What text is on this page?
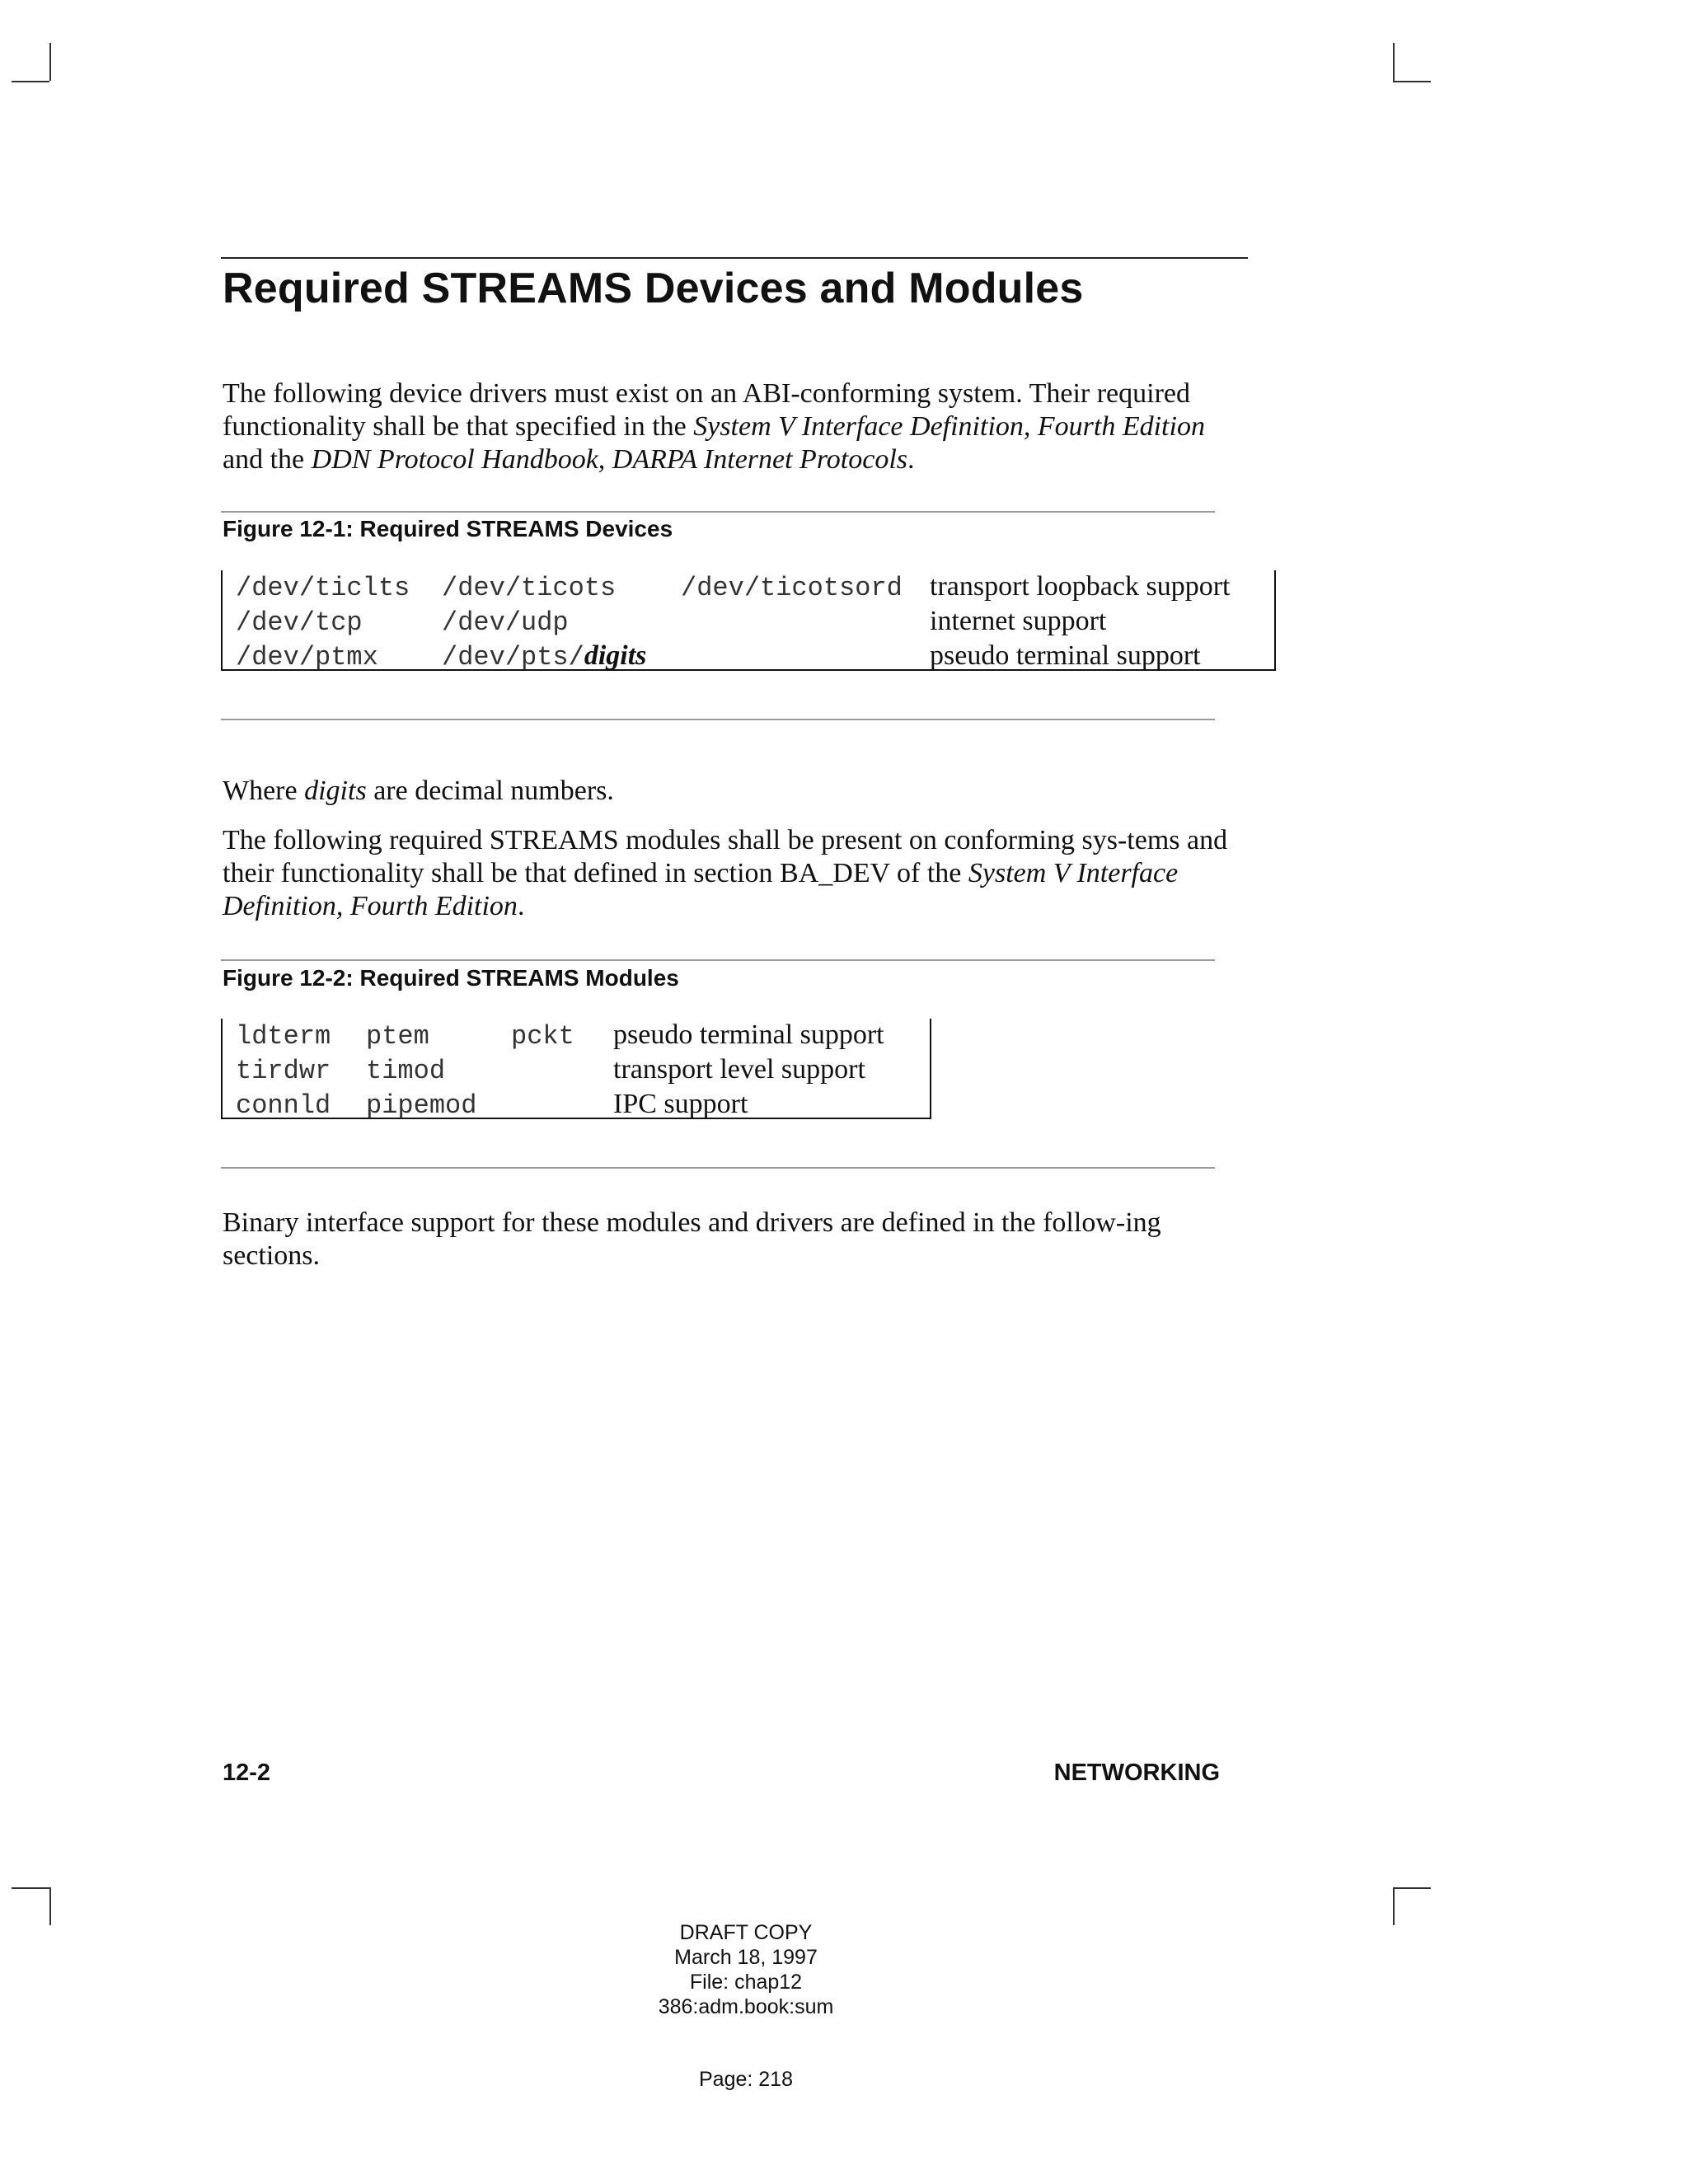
Required STREAMS Devices and Modules

The following device drivers must exist on an ABI-conforming system. Their required functionality shall be that specified in the System V Interface Definition, Fourth Edition and the DDN Protocol Handbook, DARPA Internet Protocols.

Figure 12-1: Required STREAMS Devices

/dev/ticlts	/dev/ticots	/dev/ticotsord	transport loopback support
/dev/tcp	/dev/udp		internet support
/dev/ptmx	/dev/pts/digits		pseudo terminal support

Where digits are decimal numbers.

The following required STREAMS modules shall be present on conforming sys-tems and their functionality shall be that defined in section BA_DEV of the System V Interface Definition, Fourth Edition.

Figure 12-2: Required STREAMS Modules

ldterm	ptem	pckt	pseudo terminal support
tirdwr	timod		transport level support
connld	pipemod		IPC support

Binary interface support for these modules and drivers are defined in the follow-ing sections.

12-2	NETWORKING

DRAFT COPY
March 18, 1997
File: chap12
386:adm.book:sum
Page: 218
